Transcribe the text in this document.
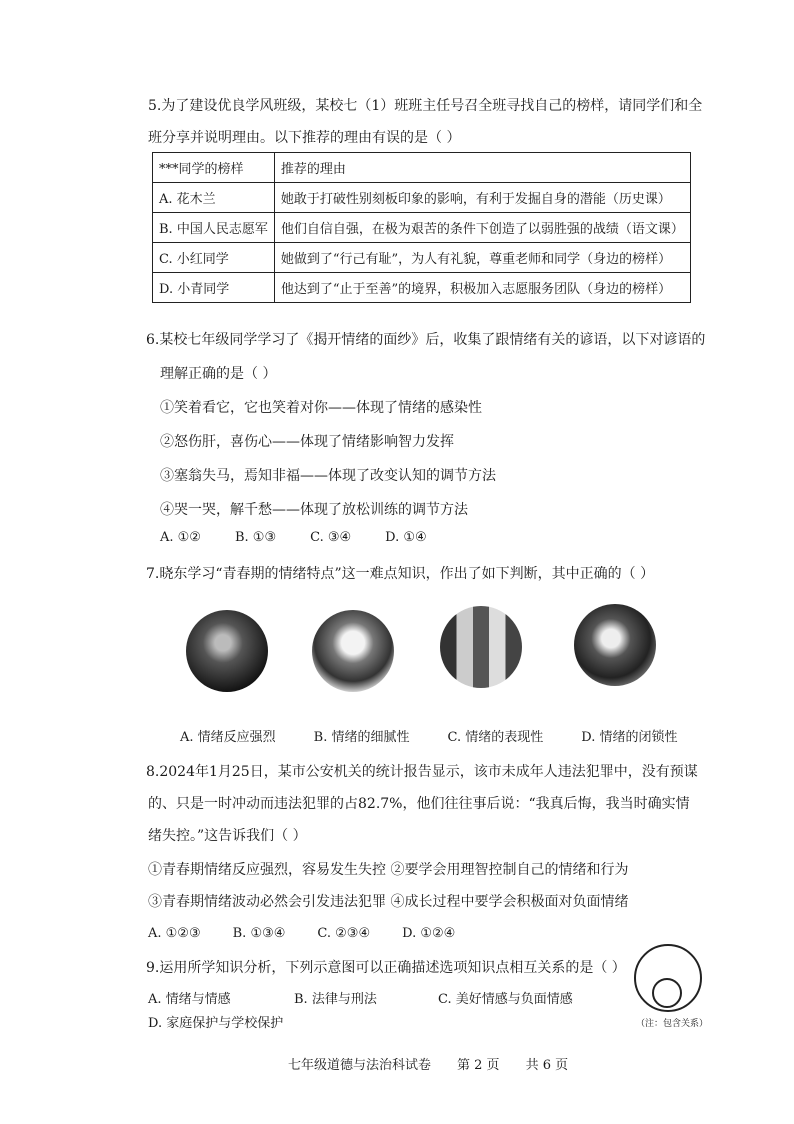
5.为了建设优良学风班级，某校七（1）班班主任号召全班寻找自己的榜样，请同学们和全
班分享并说明理由。以下推荐的理由有误的是（ ）
***同学的榜样	推荐的理由
A. 花木兰	她敢于打破性别刻板印象的影响，有利于发掘自身的潜能（历史课）
B. 中国人民志愿军	他们自信自强，在极为艰苦的条件下创造了以弱胜强的战绩（语文课）
C. 小红同学	她做到了“行己有耻”，为人有礼貌，尊重老师和同学（身边的榜样）
D. 小青同学	他达到了“止于至善”的境界，积极加入志愿服务团队（身边的榜样）
6.某校七年级同学学习了《揭开情绪的面纱》后，收集了跟情绪有关的谚语，以下对谚语的
理解正确的是（ ）
①笑着看它，它也笑着对你——体现了情绪的感染性
②怒伤肝，喜伤心——体现了情绪影响智力发挥
③塞翁失马，焉知非福——体现了改变认知的调节方法
④哭一哭，解千愁——体现了放松训练的调节方法
A. ①②	B. ①③	C. ③④	D. ①④
7.晓东学习“青春期的情绪特点”这一难点知识，作出了如下判断，其中正确的（ ）
A. 情绪反应强烈	B. 情绪的细腻性	C. 情绪的表现性	D. 情绪的闭锁性
8.2024年1月25日，某市公安机关的统计报告显示，该市未成年人违法犯罪中，没有预谋
的、只是一时冲动而违法犯罪的占82.7%，他们往往事后说：“我真后悔，我当时确实情
绪失控。”这告诉我们（ ）
①青春期情绪反应强烈，容易发生失控 ②要学会用理智控制自己的情绪和行为
③青春期情绪波动必然会引发违法犯罪 ④成长过程中要学会积极面对负面情绪
A. ①②③ B. ①③④ C. ②③④ D. ①②④
9.运用所学知识分析，下列示意图可以正确描述选项知识点相互关系的是（ ）
A. 情绪与情感	B. 法律与刑法	C. 美好情感与负面情感
D. 家庭保护与学校保护	（注：包含关系）
七年级道德与法治科试卷 第 2 页 共 6 页
